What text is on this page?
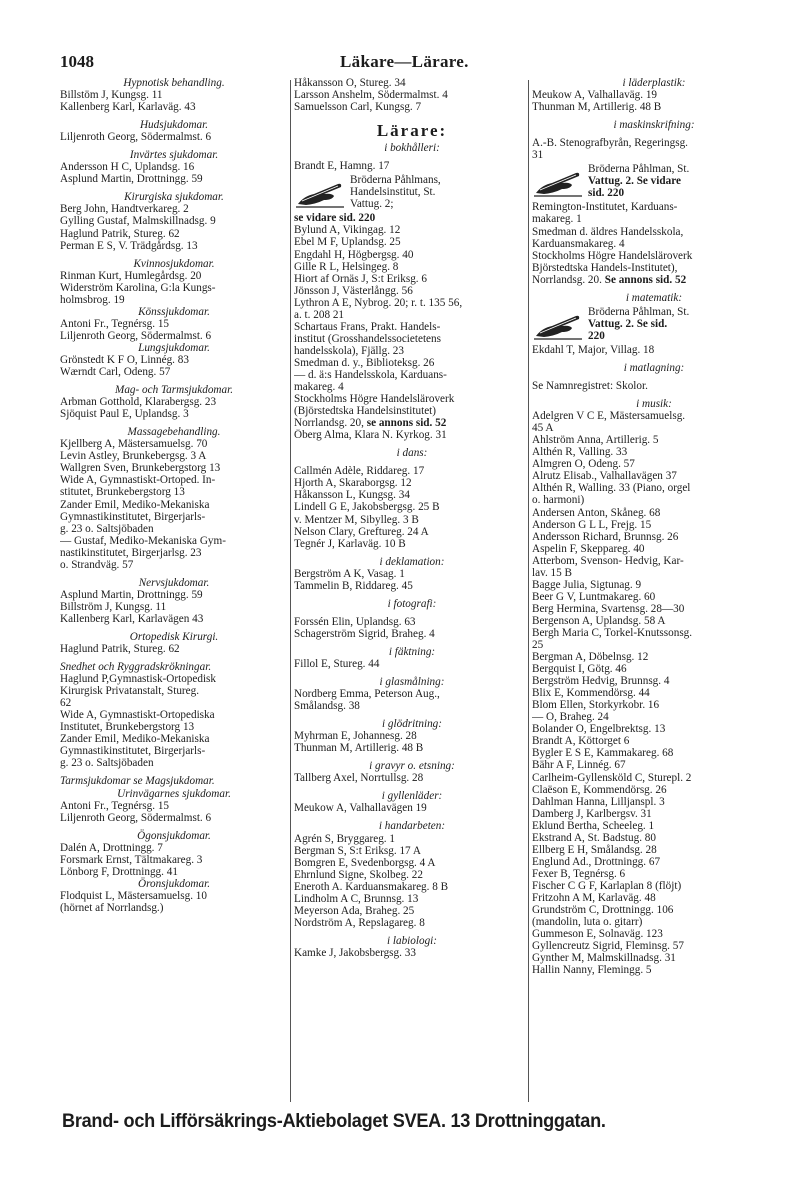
1048	Läkare—Lärare.
Hypnotisk behandling.
Billstöm J, Kungsg. 11
Kallenberg Karl, Karlaväg. 43
Hudsjukdomar.
Liljenroth Georg, Södermalmst. 6
Invärtes sjukdomar.
Andersson H C, Uplandsg. 16
Asplund Martin, Drottningg. 59
Kirurgiska sjukdomar.
Berg John, Handtverkareg. 2
Gylling Gustaf, Malmskillnadsg. 9
Haglund Patrik, Stureg. 62
Perman E S, V. Trädgårdsg. 13
Kvinnosjukdomar.
Rinman Kurt, Humlegårdsg. 20
Widerström Karolina, G:la Kungs-
holmsbrog. 19
Könssjukdomar.
Antoni Fr., Tegnérsg. 15
Liljenroth Georg, Södermalmst. 6
Lungsjukdomar.
Grönstedt K F O, Linnég. 83
Wærndt Carl, Odeng. 57
Mag- och Tarmsjukdomar.
Arbman Gotthold, Klarabergsg. 23
Sjöquist Paul E, Uplandsg. 3
Massagebehandling.
Kjellberg A, Mästersamuelsg. 70
Levin Astley, Brunkebergsg. 3 A
Wallgren Sven, Brunkebergstorg 13
Wide A, Gymnastiskt-Ortoped. In-
stitutet, Brunkebergstorg 13
Zander Emil, Mediko-Mekaniska
Gymnastikinstitutet, Birgerjarls-
g. 23 o. Saltsjöbaden
— Gustaf, Mediko-Mekaniska Gym-
nastikinstitutet, Birgerjarlsg. 23
o. Strandväg. 57
Nervsjukdomar.
Asplund Martin, Drottningg. 59
Billström J, Kungsg. 11
Kallenberg Karl, Karlavägen 43
Ortopedisk Kirurgi.
Haglund Patrik, Stureg. 62
Snedhet och Ryggradskrökningar.
Haglund P,Gymnastisk-Ortopedisk
Kirurgisk Privatanstalt, Stureg.
62
Wide A, Gymnastiskt-Ortopediska
Institutet, Brunkebergstorg 13
Zander Emil, Mediko-Mekaniska
Gymnastikinstitutet, Birgerjarls-
g. 23 o. Saltsjöbaden
Tarmsjukdomar se Magsjukdomar.
Urinvägarnes sjukdomar.
Antoni Fr., Tegnérsg. 15
Liljenroth Georg, Södermalmst. 6
Ögonsjukdomar.
Dalén A, Drottningg. 7
Forsmark Ernst, Tältmakareg. 3
Lönborg F, Drottningg. 41
Öronsjukdomar.
Flodquist L, Mästersamuelsg. 10
(hörnet af Norrlandsg.)
Håkansson O, Stureg. 34
Larsson Anshelm, Södermalmst. 4
Samuelsson Carl, Kungsg. 7
Lärare:
i bokhålleri:
Brandt E, Hamng. 17
Bröderna Påhlmans,
Handelsinstitut, St.
Vattug. 2;
se vidare sid. 220
Bylund A, Vikingag. 12
Ebel M F, Uplandsg. 25
Engdahl H, Högbergsg. 40
Gille R L, Helsingeg. 8
Hiort af Ornäs J, S:t Eriksg. 6
Jönsson J, Västerlångg. 56
Lythron A E, Nybrog. 20; r. t. 135 56,
a. t. 208 21
Schartaus Frans, Prakt. Handels-
institut (Grosshandelssocietetens
handelsskola), Fjällg. 23
Smedman d. y., Biblioteksg. 26
— d. ä:s Handelsskola, Karduans-
makareg. 4
Stockholms Högre Handelsläroverk
(Björstedtska Handelsinstitutet)
Norrlandsg. 20, se annons sid. 52
Öberg Alma, Klara N. Kyrkog. 31
i dans:
Callmén Adèle, Riddareg. 17
Hjorth A, Skaraborgsg. 12
Håkansson L, Kungsg. 34
Lindell G E, Jakobsbergsg. 25 B
v. Mentzer M, Sibylleg. 3 B
Nelson Clary, Greftureg. 24 A
Tegnér J, Karlaväg. 10 B
i deklamation:
Bergström A K, Vasag. 1
Tammelin B, Riddareg. 45
i fotografi:
Forssén Elin, Uplandsg. 63
Schagerström Sigrid, Braheg. 4
i fäktning:
Fillol E, Stureg. 44
i glasmålning:
Nordberg Emma, Peterson Aug.,
Smålandsg. 38
i glödritning:
Myhrman E, Johannesg. 28
Thunman M, Artillerig. 48 B
i gravyr o. etsning:
Tallberg Axel, Norrtullsg. 28
i gyllenläder:
Meukow A, Valhallavägen 19
i handarbeten:
Agrén S, Bryggareg. 1
Bergman S, S:t Eriksg. 17 A
Bomgren E, Svedenborgsg. 4 A
Ehrnlund Signe, Skolbeg. 22
Eneroth A. Karduansmakareg. 8 B
Lindholm A C, Brunnsg. 13
Meyerson Ada, Braheg. 25
Nordström A, Repslagareg. 8
i labiologi:
Kamke J, Jakobsbergsg. 33
i läderplastik:
Meukow A, Valhallaväg. 19
Thunman M, Artillerig. 48 B
i maskinskrifning:
A.-B. Stenografbyrån, Regeringsg.
31
Bröderna Påhlman, St.
Vattug. 2. Se vidare
sid. 220
Remington-Institutet, Karduans-
makareg. 1
Smedman d. äldres Handelsskola,
Karduansmakareg. 4
Stockholms Högre Handelsläroverk
Björstedtska Handels-Institutet),
Norrlandsg. 20. Se annons sid. 52
i matematik:
Bröderna Påhlman, St.
Vattug. 2. Se sid.
220
Ekdahl T, Major, Villag. 18
i matlagning:
Se Namnregistret: Skolor.
i musik:
Adelgren V C E, Mästersamuelsg.
45 A
Ahlström Anna, Artillerig. 5
Althén R, Valling. 33
Almgren O, Odeng. 57
Alrutz Elisab., Valhallavägen 37
Althén R, Walling. 33 (Piano, orgel
o. harmoni)
Andersen Anton, Skåneg. 68
Anderson G L L, Frejg. 15
Andersson Richard, Brunnsg. 26
Aspelin F, Skeppareg. 40
Atterbom, Svenson- Hedvig, Kar-
lav. 15 B
Bagge Julia, Sigtunag. 9
Beer G V, Luntmakareg. 60
Berg Hermina, Svartensg. 28—30
Bergenson A, Uplandsg. 58 A
Bergh Maria C, Torkel-Knutssonsg.
25
Bergman A, Döbelnsg. 12
Bergquist I, Götg. 46
Bergström Hedvig, Brunnsg. 4
Blix E, Kommendörsg. 44
Blom Ellen, Storkyrkobr. 16
— O, Braheg. 24
Bolander O, Engelbrektsg. 13
Brandt A, Köttorget 6
Bygler E S E, Kammakareg. 68
Bähr A F, Linnég. 67
Carlheim-Gyllensköld C, Sturepl. 2
Claëson E, Kommendörsg. 26
Dahlman Hanna, Lilljanspl. 3
Damberg J, Karlbergsv. 31
Eklund Bertha, Scheeleg. 1
Ekstrand A, St. Badstug. 80
Ellberg E H, Smålandsg. 28
Englund Ad., Drottningg. 67
Fexer B, Tegnérsg. 6
Fischer C G F, Karlaplan 8 (flöjt)
Fritzohn A M, Karlaväg. 48
Grundström C, Drottningg. 106
(mandolin, luta o. gitarr)
Gummeson E, Solnaväg. 123
Gyllencreutz Sigrid, Fleminsg. 57
Gynther M, Malmskillnadsg. 31
Hallin Nanny, Flemingg. 5
Brand- och Lifförsäkrings-Aktiebolaget SVEA. 13 Drottninggatan.
